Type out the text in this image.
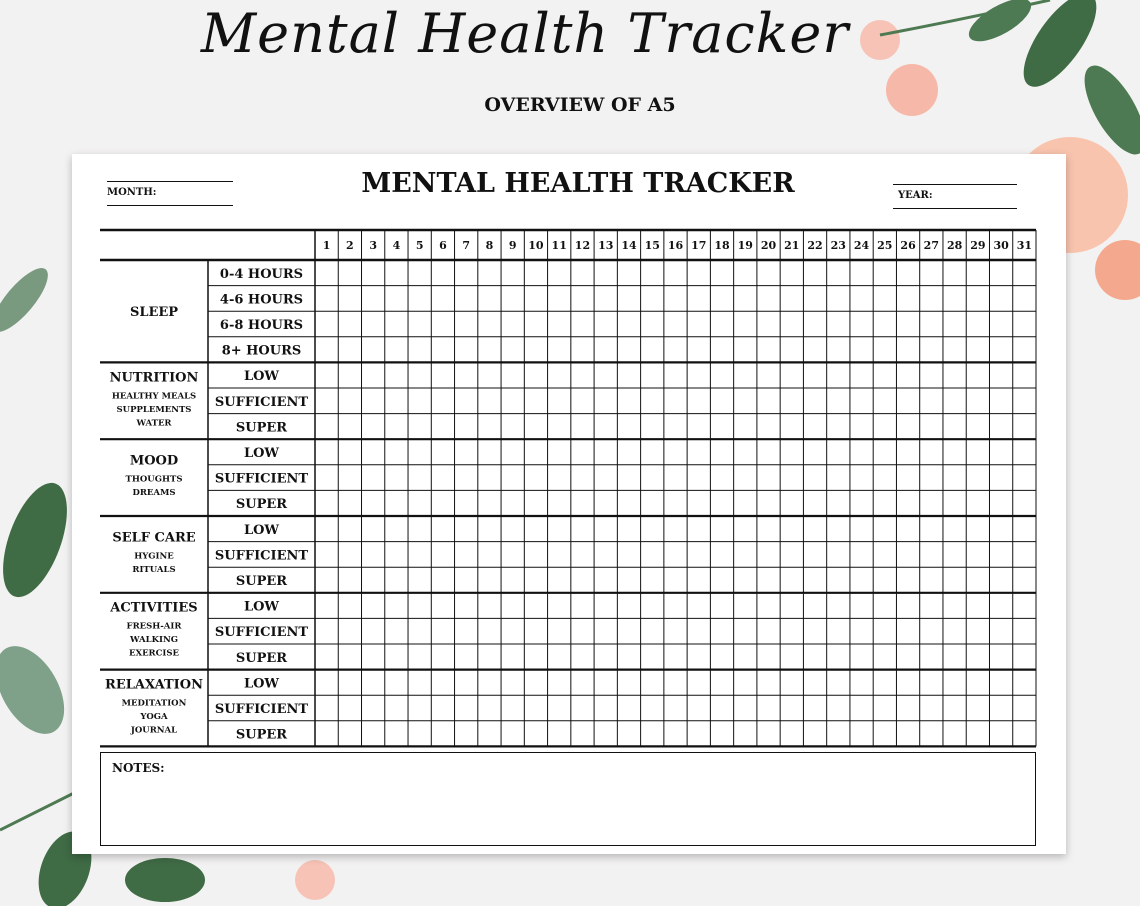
Mental Health Tracker
OVERVIEW OF A5
MENTAL HEALTH TRACKER
MONTH:	YEAR:
1 2 3 4 5 6 7 8 9 10 11 12 13 14 15 16 17 18 19 20 21 22 23 24 25 26 27 28 29 30 31
SLEEP
0-4 HOURS
4-6 HOURS
6-8 HOURS
8+ HOURS
NUTRITION
HEALTHY MEALS
SUPPLEMENTS
WATER
LOW
SUFFICIENT
SUPER
MOOD
THOUGHTS
DREAMS
LOW
SUFFICIENT
SUPER
SELF CARE
HYGINE
RITUALS
LOW
SUFFICIENT
SUPER
ACTIVITIES
FRESH-AIR
WALKING
EXERCISE
LOW
SUFFICIENT
SUPER
RELAXATION
MEDITATION
YOGA
JOURNAL
LOW
SUFFICIENT
SUPER
NOTES:
